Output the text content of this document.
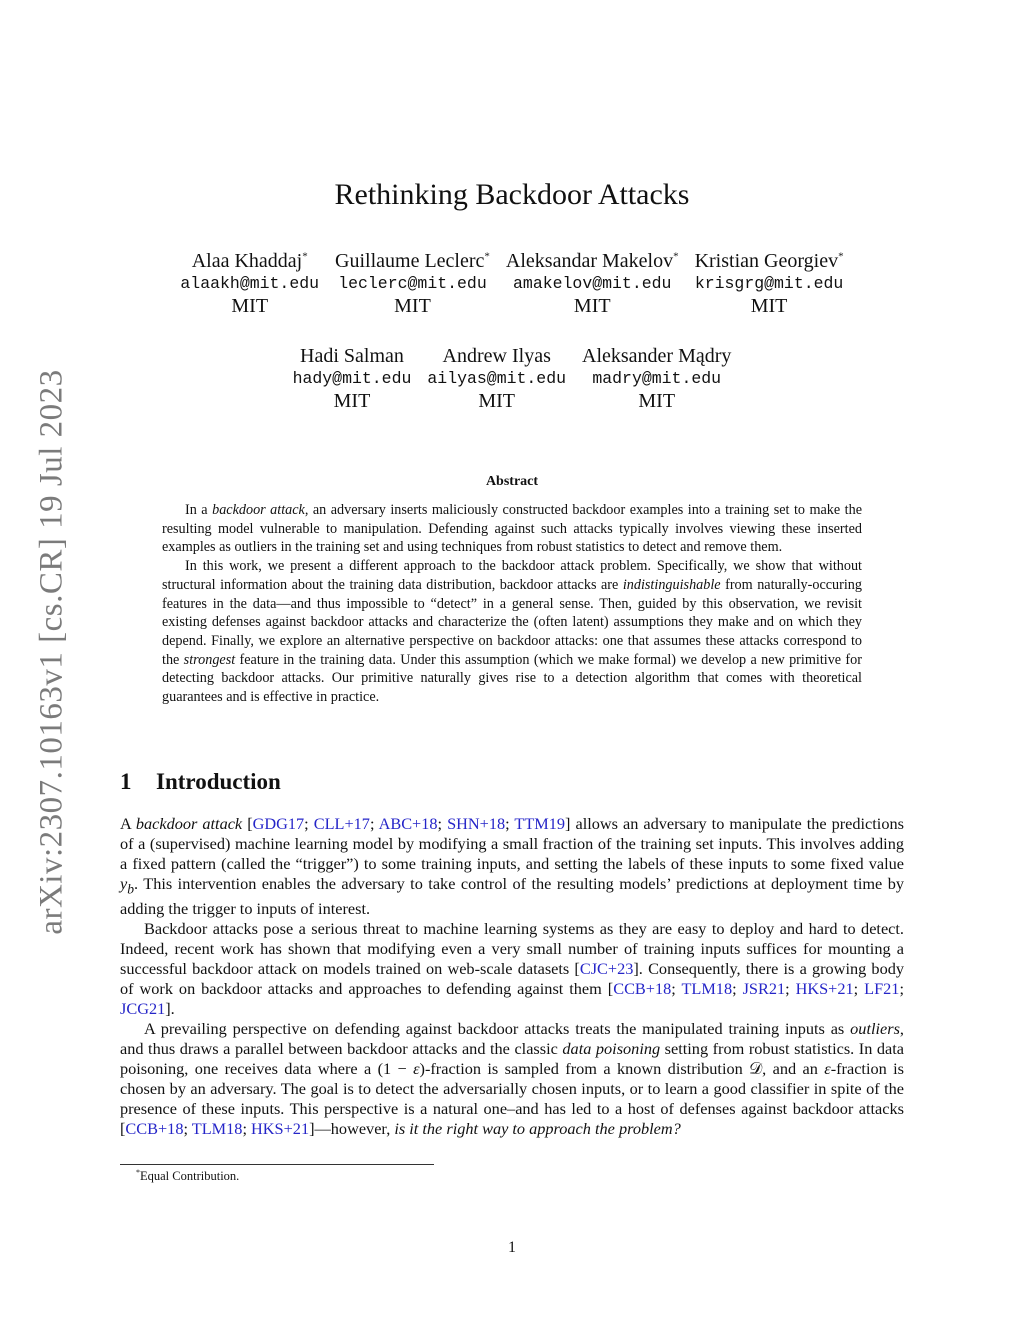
arXiv:2307.10163v1 [cs.CR] 19 Jul 2023
Rethinking Backdoor Attacks
Alaa Khaddaj*
alaakh@mit.edu
MIT
Guillaume Leclerc*
leclerc@mit.edu
MIT
Aleksandar Makelov*
amakelov@mit.edu
MIT
Kristian Georgiev*
krisgrg@mit.edu
MIT
Hadi Salman
hady@mit.edu
MIT
Andrew Ilyas
ailyas@mit.edu
MIT
Aleksander Mądry
madry@mit.edu
MIT
Abstract

In a backdoor attack, an adversary inserts maliciously constructed backdoor examples into a training set to make the resulting model vulnerable to manipulation. Defending against such attacks typically involves viewing these inserted examples as outliers in the training set and using techniques from robust statistics to detect and remove them.

In this work, we present a different approach to the backdoor attack problem. Specifically, we show that without structural information about the training data distribution, backdoor attacks are indistinguishable from naturally-occuring features in the data—and thus impossible to “detect” in a general sense. Then, guided by this observation, we revisit existing defenses against backdoor attacks and characterize the (often latent) assumptions they make and on which they depend. Finally, we explore an alternative perspective on backdoor attacks: one that assumes these attacks correspond to the strongest feature in the training data. Under this assumption (which we make formal) we develop a new primitive for detecting backdoor attacks. Our primitive naturally gives rise to a detection algorithm that comes with theoretical guarantees and is effective in practice.

1 Introduction

A backdoor attack [GDG17; CLL+17; ABC+18; SHN+18; TTM19] allows an adversary to manipulate the predictions of a (supervised) machine learning model by modifying a small fraction of the training set inputs. This involves adding a fixed pattern (called the “trigger”) to some training inputs, and setting the labels of these inputs to some fixed value $y_b$. This intervention enables the adversary to take control of the resulting models’ predictions at deployment time by adding the trigger to inputs of interest.

Backdoor attacks pose a serious threat to machine learning systems as they are easy to deploy and hard to detect. Indeed, recent work has shown that modifying even a very small number of training inputs suffices for mounting a successful backdoor attack on models trained on web-scale datasets [CJC+23]. Consequently, there is a growing body of work on backdoor attacks and approaches to defending against them [CCB+18; TLM18; JSR21; HKS+21; LF21; JCG21].

A prevailing perspective on defending against backdoor attacks treats the manipulated training inputs as outliers, and thus draws a parallel between backdoor attacks and the classic data poisoning setting from robust statistics. In data poisoning, one receives data where a (1 − ε)-fraction is sampled from a known distribution 𝒟, and an ε-fraction is chosen by an adversary. The goal is to detect the adversarially chosen inputs, or to learn a good classifier in spite of the presence of these inputs. This perspective is a natural one–and has led to a host of defenses against backdoor attacks [CCB+18; TLM18; HKS+21]—however, is it the right way to approach the problem?

*Equal Contribution.
1
